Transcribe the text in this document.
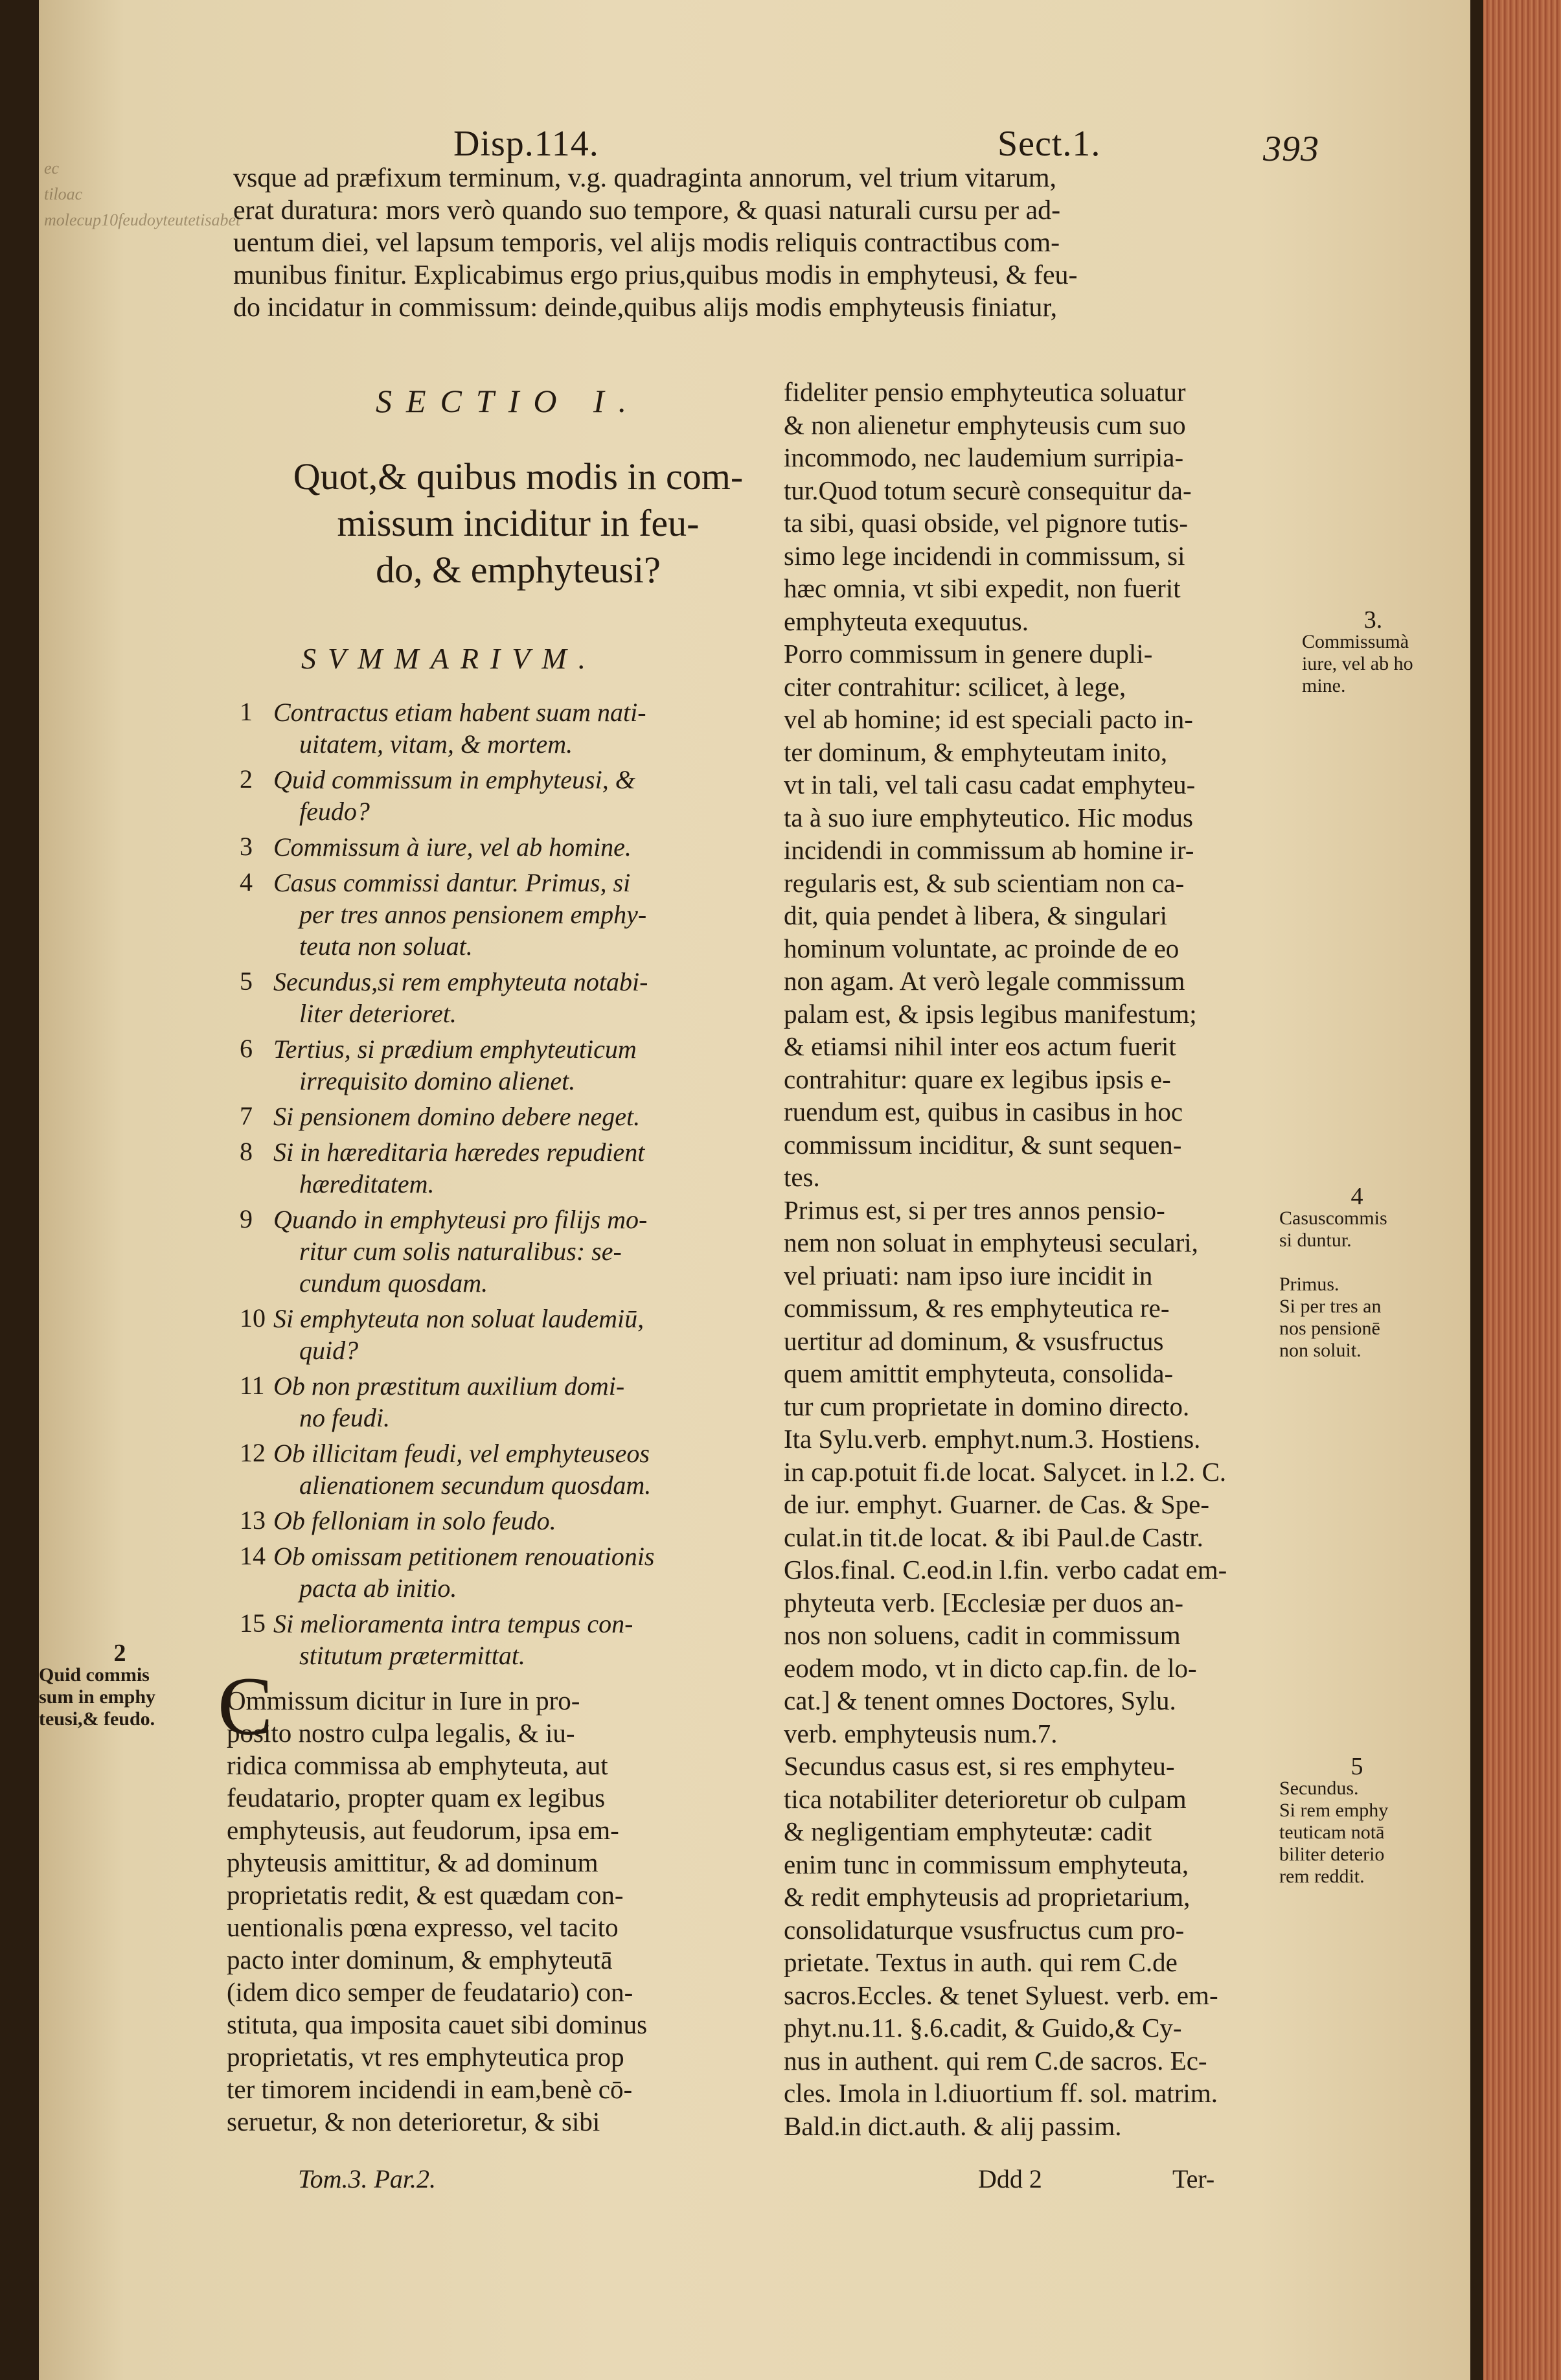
ec tiloac molecup10feudoyteutetisabet
Disp.114.	Sect.1.	393
vsque ad præfixum terminum, v.g. quadraginta annorum, vel trium vitarum,
erat duratura: mors verò quando suo tempore, & quasi naturali cursu per ad-
uentum diei, vel lapsum temporis, vel alijs modis reliquis contractibus com-
munibus finitur. Explicabimus ergo prius,quibus modis in emphyteusi, & feu-
do incidatur in commissum: deinde,quibus alijs modis emphyteusis finiatur,
SECTIO I.
Quot,& quibus modis in com-
missum inciditur in feu-
do, & emphyteusi?
SVMMARIVM.
1 Contractus etiam habent suam nati-
uitatem, vitam, & mortem.
2 Quid commissum in emphyteusi, &
feudo?
3 Commissum à iure, vel ab homine.
4 Casus commissi dantur. Primus, si
per tres annos pensionem emphy-
teuta non soluat.
5 Secundus,si rem emphyteuta notabi-
liter deterioret.
6 Tertius, si prædium emphyteuticum
irrequisito domino alienet.
7 Si pensionem domino debere neget.
8 Si in hæreditaria hæredes repudient
hæreditatem.
9 Quando in emphyteusi pro filijs mo-
ritur cum solis naturalibus: se-
cundum quosdam.
10 Si emphyteuta non soluat laudemiū,
quid?
11 Ob non præstitum auxilium domi-
no feudi.
12 Ob illicitam feudi, vel emphyteuseos
alienationem secundum quosdam.
13 Ob felloniam in solo feudo.
14 Ob omissam petitionem renouationis
pacta ab initio.
15 Si melioramenta intra tempus con-
stitutum prætermittat.
C
Ommissum dicitur in Iure in pro-
posito nostro culpa legalis, & iu-
ridica commissa ab emphyteuta, aut
feudatario, propter quam ex legibus
emphyteusis, aut feudorum, ipsa em-
phyteusis amittitur, & ad dominum
proprietatis redit, & est quædam con-
uentionalis pœna expresso, vel tacito
pacto inter dominum, & emphyteutā
(idem dico semper de feudatario) con-
stituta, qua imposita cauet sibi dominus
proprietatis, vt res emphyteutica prop
ter timorem incidendi in eam,benè cō-
seruetur, & non deterioretur, & sibi
fideliter pensio emphyteutica soluatur
& non alienetur emphyteusis cum suo
incommodo, nec laudemium surripia-
tur.Quod totum securè consequitur da-
ta sibi, quasi obside, vel pignore tutis-
simo lege incidendi in commissum, si
hæc omnia, vt sibi expedit, non fuerit
emphyteuta exequutus.
Porro commissum in genere dupli-
citer contrahitur: scilicet, à lege,
vel ab homine; id est speciali pacto in-
ter dominum, & emphyteutam inito,
vt in tali, vel tali casu cadat emphyteu-
ta à suo iure emphyteutico. Hic modus
incidendi in commissum ab homine ir-
regularis est, & sub scientiam non ca-
dit, quia pendet à libera, & singulari
hominum voluntate, ac proinde de eo
non agam. At verò legale commissum
palam est, & ipsis legibus manifestum;
& etiamsi nihil inter eos actum fuerit
contrahitur: quare ex legibus ipsis e-
ruendum est, quibus in casibus in hoc
commissum inciditur, & sunt sequen-
tes.
Primus est, si per tres annos pensio-
nem non soluat in emphyteusi seculari,
vel priuati: nam ipso iure incidit in
commissum, & res emphyteutica re-
uertitur ad dominum, & vsusfructus
quem amittit emphyteuta, consolida-
tur cum proprietate in domino directo.
Ita Sylu.verb. emphyt.num.3. Hostiens.
in cap.potuit fi.de locat. Salycet. in l.2. C.
de iur. emphyt. Guarner. de Cas. & Spe-
culat.in tit.de locat. & ibi Paul.de Castr.
Glos.final. C.eod.in l.fin. verbo cadat em-
phyteuta verb. [Ecclesiæ per duos an-
nos non soluens, cadit in commissum
eodem modo, vt in dicto cap.fin. de lo-
cat.] & tenent omnes Doctores, Sylu.
verb. emphyteusis num.7.
Secundus casus est, si res emphyteu-
tica notabiliter deterioretur ob culpam
& negligentiam emphyteutæ: cadit
enim tunc in commissum emphyteuta,
& redit emphyteusis ad proprietarium,
consolidaturque vsusfructus cum pro-
prietate. Textus in auth. qui rem C.de
sacros.Eccles. & tenet Syluest. verb. em-
phyt.nu.11. §.6.cadit, & Guido,& Cy-
nus in authent. qui rem C.de sacros. Ec-
cles. Imola in l.diuortium ff. sol. matrim.
Bald.in dict.auth. & alij passim.
3.
Commissumà
iure, vel ab ho
mine.
4
Casuscommis
si duntur.

Primus.
Si per tres an
nos pensionē
non soluit.
5
Secundus.
Si rem emphy
teuticam notā
biliter deterio
rem reddit.
2
Quid commis
sum in emphy
teusi,& feudo.
Tom.3. Par.2.	Ddd 2	Ter-
